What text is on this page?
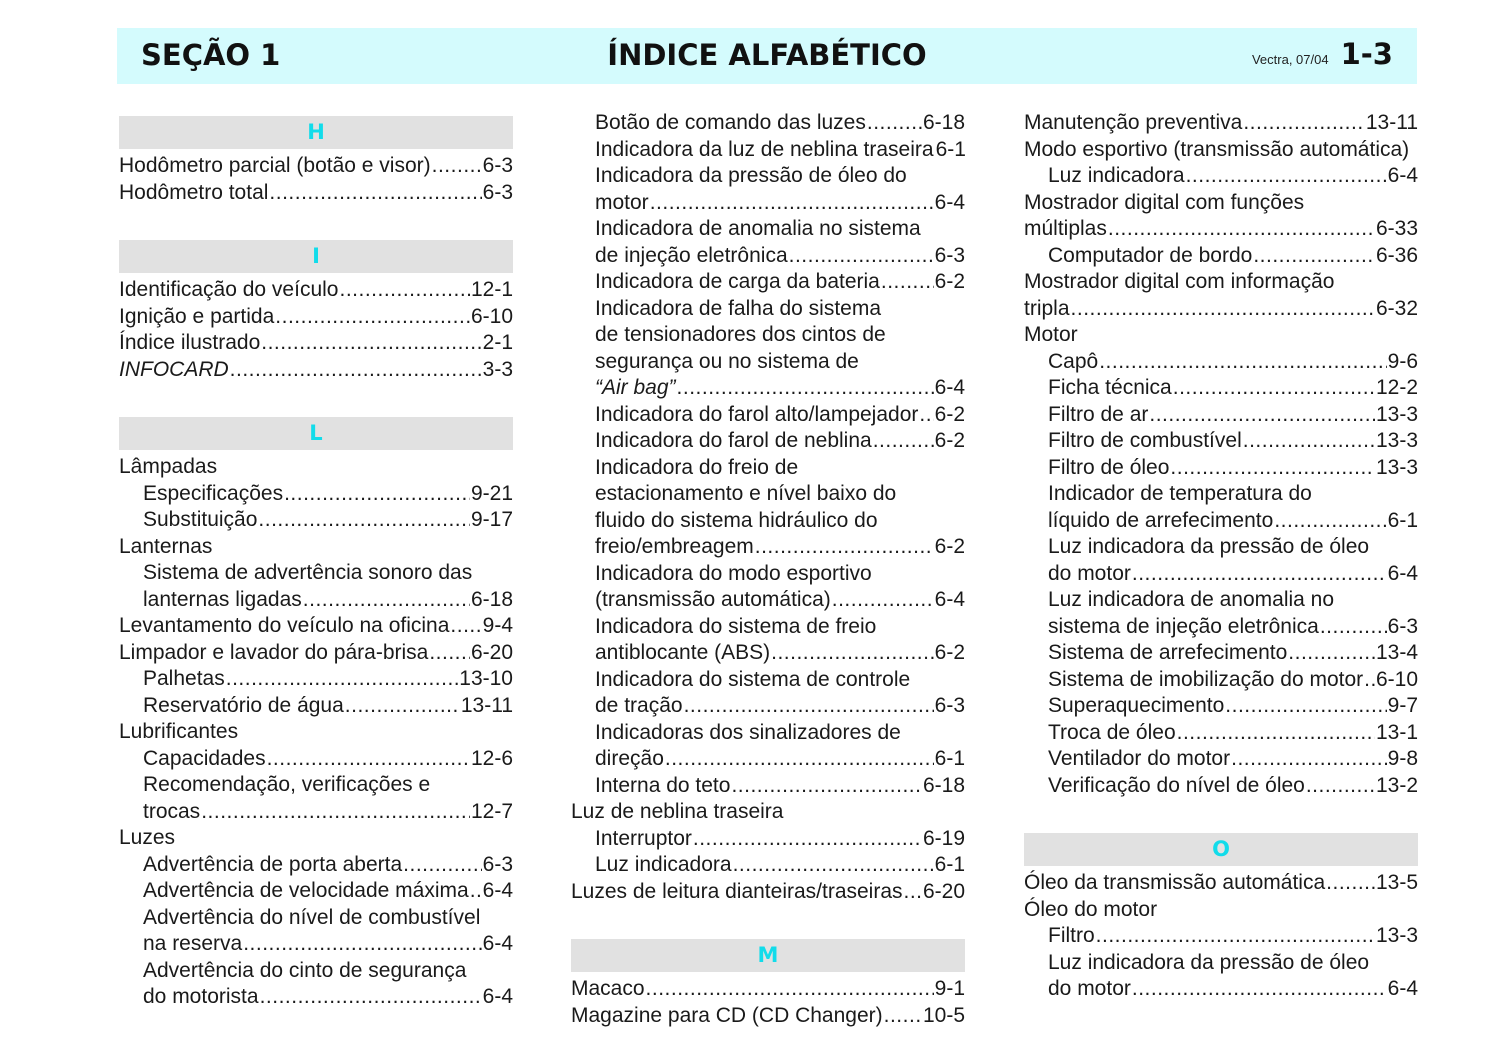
SEÇÃO 1	ÍNDICE ALFABÉTICO	Vectra, 07/04 1-3
H
Hodômetro parcial (botão e visor) ..... 6-3
Hodômetro total .....	6-3
I
Identificação do veículo .....	12-1
Ignição e partida .....	6-10
Índice ilustrado .....	2-1
INFOCARD .....	3-3
L
Lâmpadas
Especificações .....	9-21
Substituição .....	9-17
Lanternas
Sistema de advertência sonoro das
lanternas ligadas .....	6-18
Levantamento do veículo na oficina ..... 9-4
Limpador e lavador do pára-brisa ..... 6-20
Palhetas .....	13-10
Reservatório de água .....	13-11
Lubrificantes
Capacidades .....	12-6
Recomendação, verificações e
trocas .....	12-7
Luzes
Advertência de porta aberta .....	6-3
Advertência de velocidade máxima ..... 6-4
Advertência do nível de combustível
na reserva .....	6-4
Advertência do cinto de segurança
do motorista .....	6-4
Botão de comando das luzes .....	6-18
Indicadora da luz de neblina traseira 6-1
Indicadora da pressão de óleo do
motor .....	6-4
Indicadora de anomalia no sistema
de injeção eletrônica .....	6-3
Indicadora de carga da bateria .....	6-2
Indicadora de falha do sistema
de tensionadores dos cintos de
segurança ou no sistema de
“Air bag” .....	6-4
Indicadora do farol alto/lampejador ..... 6-2
Indicadora do farol de neblina .....	6-2
Indicadora do freio de
estacionamento e nível baixo do
fluido do sistema hidráulico do
freio/embreagem .....	6-2
Indicadora do modo esportivo
(transmissão automática) .....	6-4
Indicadora do sistema de freio
antiblocante (ABS) .....	6-2
Indicadora do sistema de controle
de tração .....	6-3
Indicadoras dos sinalizadores de
direção .....	6-1
Interna do teto .....	6-18
Luz de neblina traseira
Interruptor .....	6-19
Luz indicadora .....	6-1
Luzes de leitura dianteiras/traseiras ..... 6-20
M
Macaco .....	9-1
Magazine para CD (CD Changer) ..... 10-5
Manutenção preventiva .....	13-11
Modo esportivo (transmissão automática)
Luz indicadora .....	6-4
Mostrador digital com funções
múltiplas .....	6-33
Computador de bordo .....	6-36
Mostrador digital com informação
tripla .....	6-32
Motor
Capô .....	9-6
Ficha técnica .....	12-2
Filtro de ar .....	13-3
Filtro de combustível .....	13-3
Filtro de óleo .....	13-3
Indicador de temperatura do
líquido de arrefecimento .....	6-1
Luz indicadora da pressão de óleo
do motor .....	6-4
Luz indicadora de anomalia no
sistema de injeção eletrônica .....	6-3
Sistema de arrefecimento .....	13-4
Sistema de imobilização do motor ..... 6-10
Superaquecimento .....	9-7
Troca de óleo .....	13-1
Ventilador do motor .....	9-8
Verificação do nível de óleo .....	13-2
O
Óleo da transmissão automática ..... 13-5
Óleo do motor
Filtro .....	13-3
Luz indicadora da pressão de óleo
do motor .....	6-4
